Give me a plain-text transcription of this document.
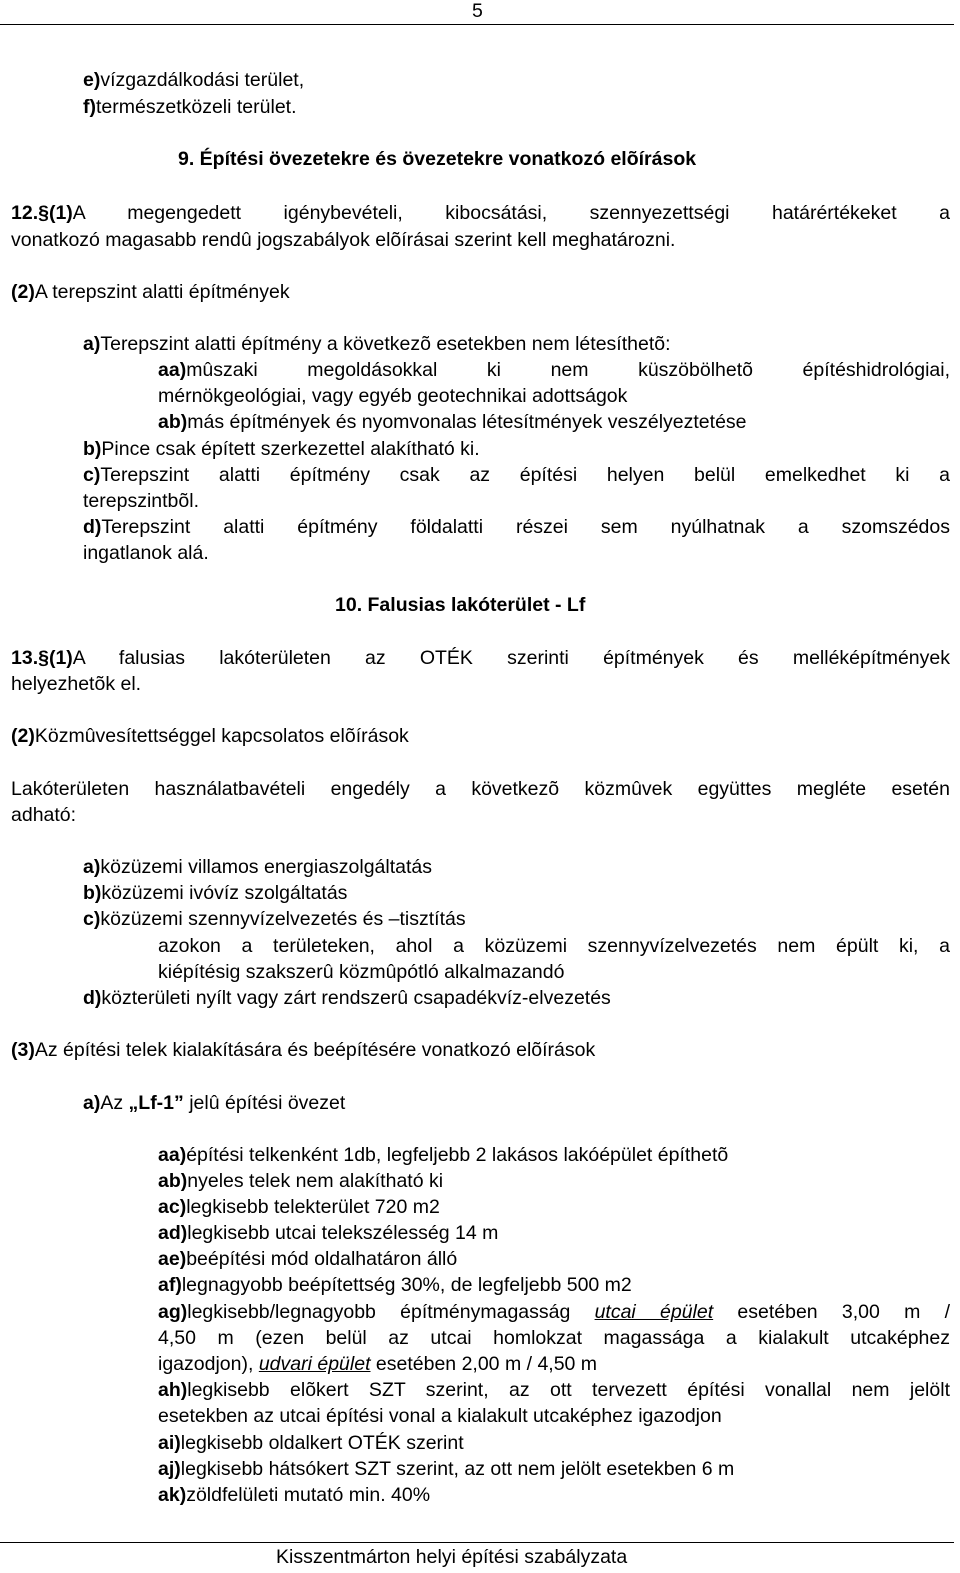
5
e)vízgazdálkodási terület,
f)természetközeli terület.
9. Építési övezetekre és övezetekre vonatkozó elõírások
12.§(1)A megengedett igénybevételi, kibocsátási, szennyezettségi határértékeket a
vonatkozó magasabb rendû jogszabályok elõírásai szerint kell meghatározni.
(2)A terepszint alatti építmények
a)Terepszint alatti építmény a következõ esetekben nem létesíthetõ:
aa)mûszaki megoldásokkal ki nem küszöbölhetõ építéshidrológiai,
mérnökgeológiai, vagy egyéb geotechnikai adottságok
ab)más építmények és nyomvonalas létesítmények veszélyeztetése
b)Pince csak épített szerkezettel alakítható ki.
c)Terepszint alatti építmény csak az építési helyen belül emelkedhet ki a
terepszintbõl.
d)Terepszint alatti építmény földalatti részei sem nyúlhatnak a szomszédos
ingatlanok alá.
10. Falusias lakóterület - Lf
13.§(1)A falusias lakóterületen az OTÉK szerinti építmények és melléképítmények
helyezhetõk el.
(2)Közmûvesítettséggel kapcsolatos elõírások
Lakóterületen használatbavételi engedély a következõ közmûvek együttes megléte esetén
adható:
a)közüzemi villamos energiaszolgáltatás
b)közüzemi ivóvíz szolgáltatás
c)közüzemi szennyvízelvezetés és –tisztítás
azokon a területeken, ahol a közüzemi szennyvízelvezetés nem épült ki, a
kiépítésig szakszerû közmûpótló alkalmazandó
d)közterületi nyílt vagy zárt rendszerû csapadékvíz-elvezetés
(3)Az építési telek kialakítására és beépítésére vonatkozó elõírások
a)Az „Lf-1” jelû építési övezet
aa)építési telkenként 1db, legfeljebb 2 lakásos lakóépület építhetõ
ab)nyeles telek nem alakítható ki
ac)legkisebb telekterület 720 m2
ad)legkisebb utcai telekszélesség 14 m
ae)beépítési mód oldalhatáron álló
af)legnagyobb beépítettség 30%, de legfeljebb 500 m2
ag)legkisebb/legnagyobb építménymagasság utcai épület esetében 3,00 m /
4,50 m (ezen belül az utcai homlokzat magassága a kialakult utcaképhez
igazodjon), udvari épület esetében 2,00 m / 4,50 m
ah)legkisebb elõkert SZT szerint, az ott tervezett építési vonallal nem jelölt
esetekben az utcai építési vonal a kialakult utcaképhez igazodjon
ai)legkisebb oldalkert OTÉK szerint
aj)legkisebb hátsókert SZT szerint, az ott nem jelölt esetekben 6 m
ak)zöldfelületi mutató min. 40%
Kisszentmárton helyi építési szabályzata
